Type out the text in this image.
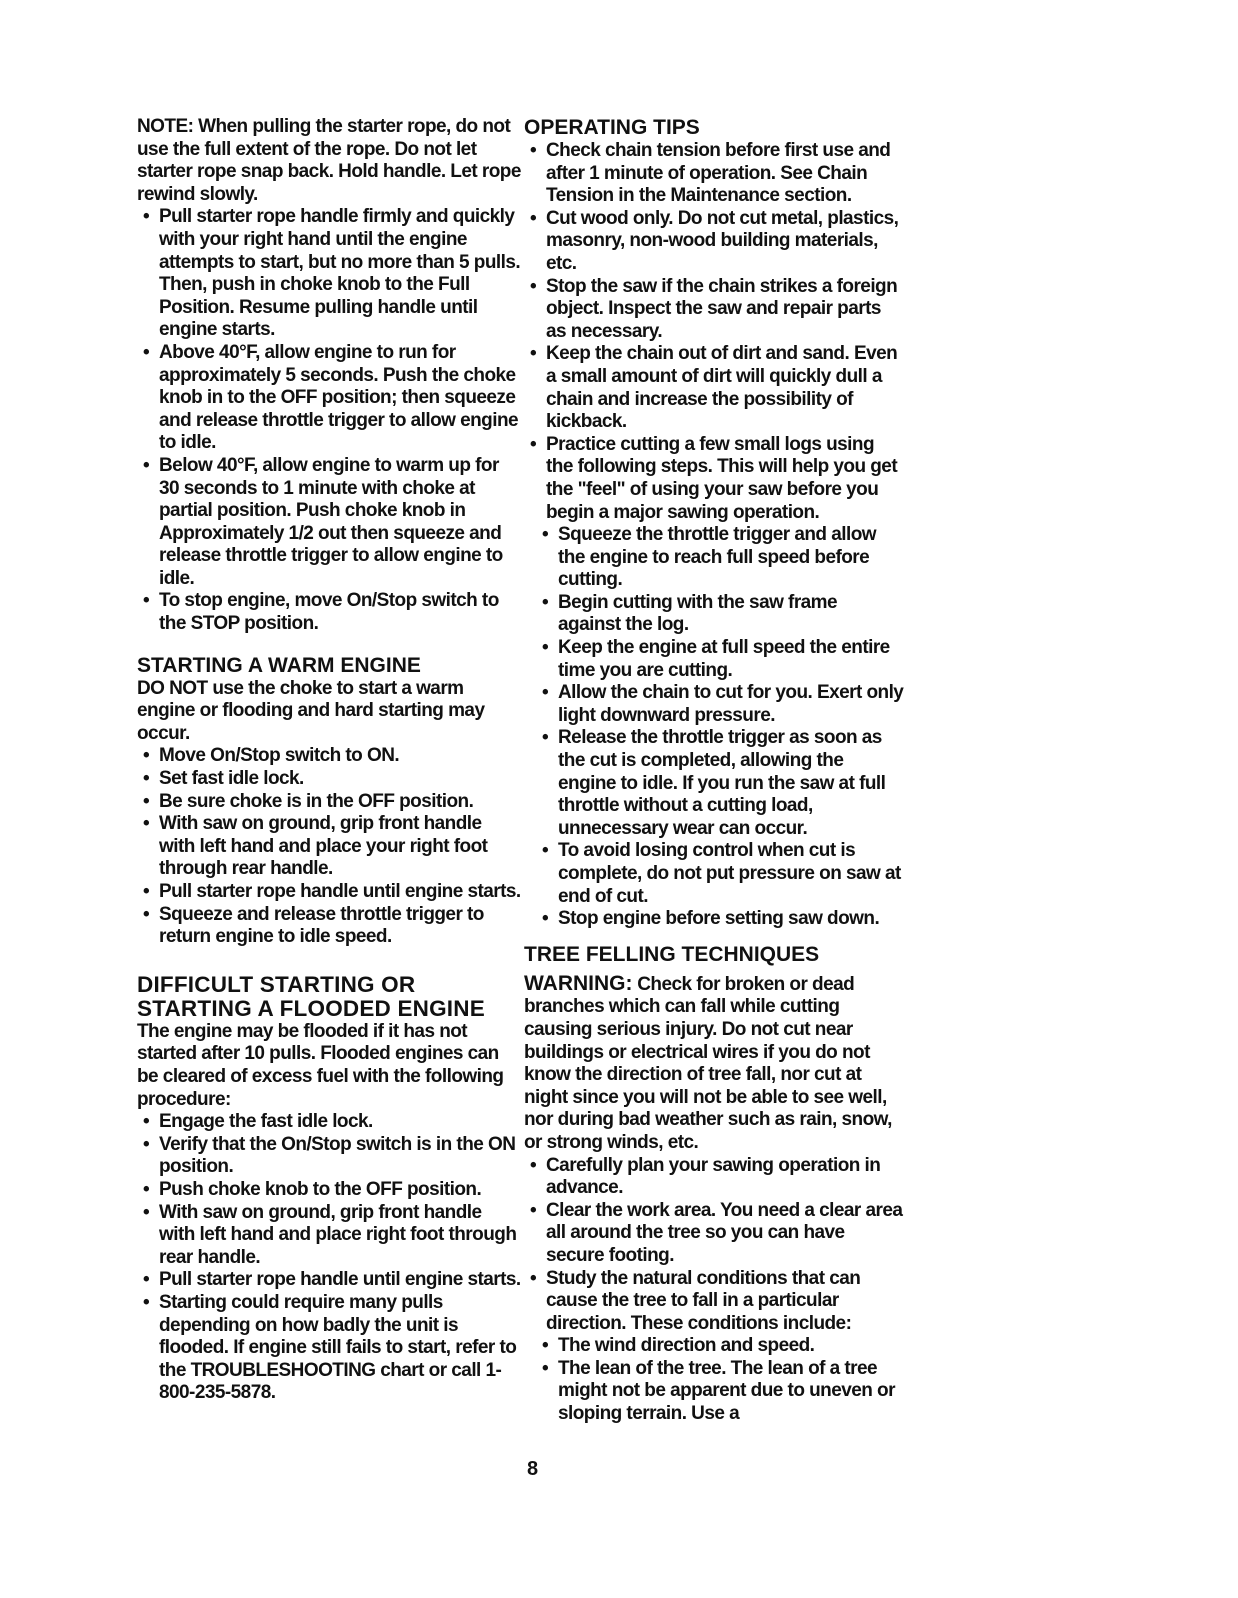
NOTE: When pulling the starter rope, do not use the full extent of the rope. Do not let starter rope snap back. Hold handle. Let rope rewind slowly.

• Pull starter rope handle firmly and quickly with your right hand until the engine attempts to start, but no more than 5 pulls. Then, push in choke knob to the Full Position. Resume pulling handle until engine starts.
• Above 40°F, allow engine to run for approximately 5 seconds. Push the choke knob in to the OFF position; then squeeze and release throttle trigger to allow engine to idle.
• Below 40°F, allow engine to warm up for 30 seconds to 1 minute with choke at partial position. Push choke knob in Approximately 1/2 out then squeeze and release throttle trigger to allow engine to idle.
• To stop engine, move On/Stop switch to the STOP position.

STARTING A WARM ENGINE

DO NOT use the choke to start a warm engine or flooding and hard starting may occur.

• Move On/Stop switch to ON.
• Set fast idle lock.
• Be sure choke is in the OFF position.
• With saw on ground, grip front handle with left hand and place your right foot through rear handle.
• Pull starter rope handle until engine starts.
• Squeeze and release throttle trigger to return engine to idle speed.

DIFFICULT STARTING OR

STARTING A FLOODED ENGINE

The engine may be flooded if it has not started after 10 pulls. Flooded engines can be cleared of excess fuel with the following procedure:

• Engage the fast idle lock.
• Verify that the On/Stop switch is in the ON position.
• Push choke knob to the OFF position.
• With saw on ground, grip front handle with left hand and place right foot through rear handle.
• Pull starter rope handle until engine starts.
• Starting could require many pulls depending on how badly the unit is flooded. If engine still fails to start, refer to the TROUBLESHOOTING chart or call 1-800-235-5878.

OPERATING TIPS

• Check chain tension before first use and after 1 minute of operation. See Chain Tension in the Maintenance section.
• Cut wood only. Do not cut metal, plastics, masonry, non-wood building materials, etc.
• Stop the saw if the chain strikes a foreign object. Inspect the saw and repair parts as necessary.
• Keep the chain out of dirt and sand. Even a small amount of dirt will quickly dull a chain and increase the possibility of kickback.
• Practice cutting a few small logs using the following steps. This will help you get the "feel" of using your saw before you begin a major sawing operation.
• Squeeze the throttle trigger and allow the engine to reach full speed before cutting.
• Begin cutting with the saw frame against the log.
• Keep the engine at full speed the entire time you are cutting.
• Allow the chain to cut for you. Exert only light downward pressure.
• Release the throttle trigger as soon as the cut is completed, allowing the engine to idle. If you run the saw at full throttle without a cutting load, unnecessary wear can occur.
• To avoid losing control when cut is complete, do not put pressure on saw at end of cut.
• Stop engine before setting saw down.

TREE FELLING TECHNIQUES

WARNING: Check for broken or dead branches which can fall while cutting causing serious injury. Do not cut near buildings or electrical wires if you do not know the direction of tree fall, nor cut at night since you will not be able to see well, nor during bad weather such as rain, snow, or strong winds, etc.

• Carefully plan your sawing operation in advance.
• Clear the work area. You need a clear area all around the tree so you can have secure footing.
• Study the natural conditions that can cause the tree to fall in a particular direction. These conditions include:
• The wind direction and speed.
• The lean of the tree. The lean of a tree might not be apparent due to uneven or sloping terrain. Use a
8
